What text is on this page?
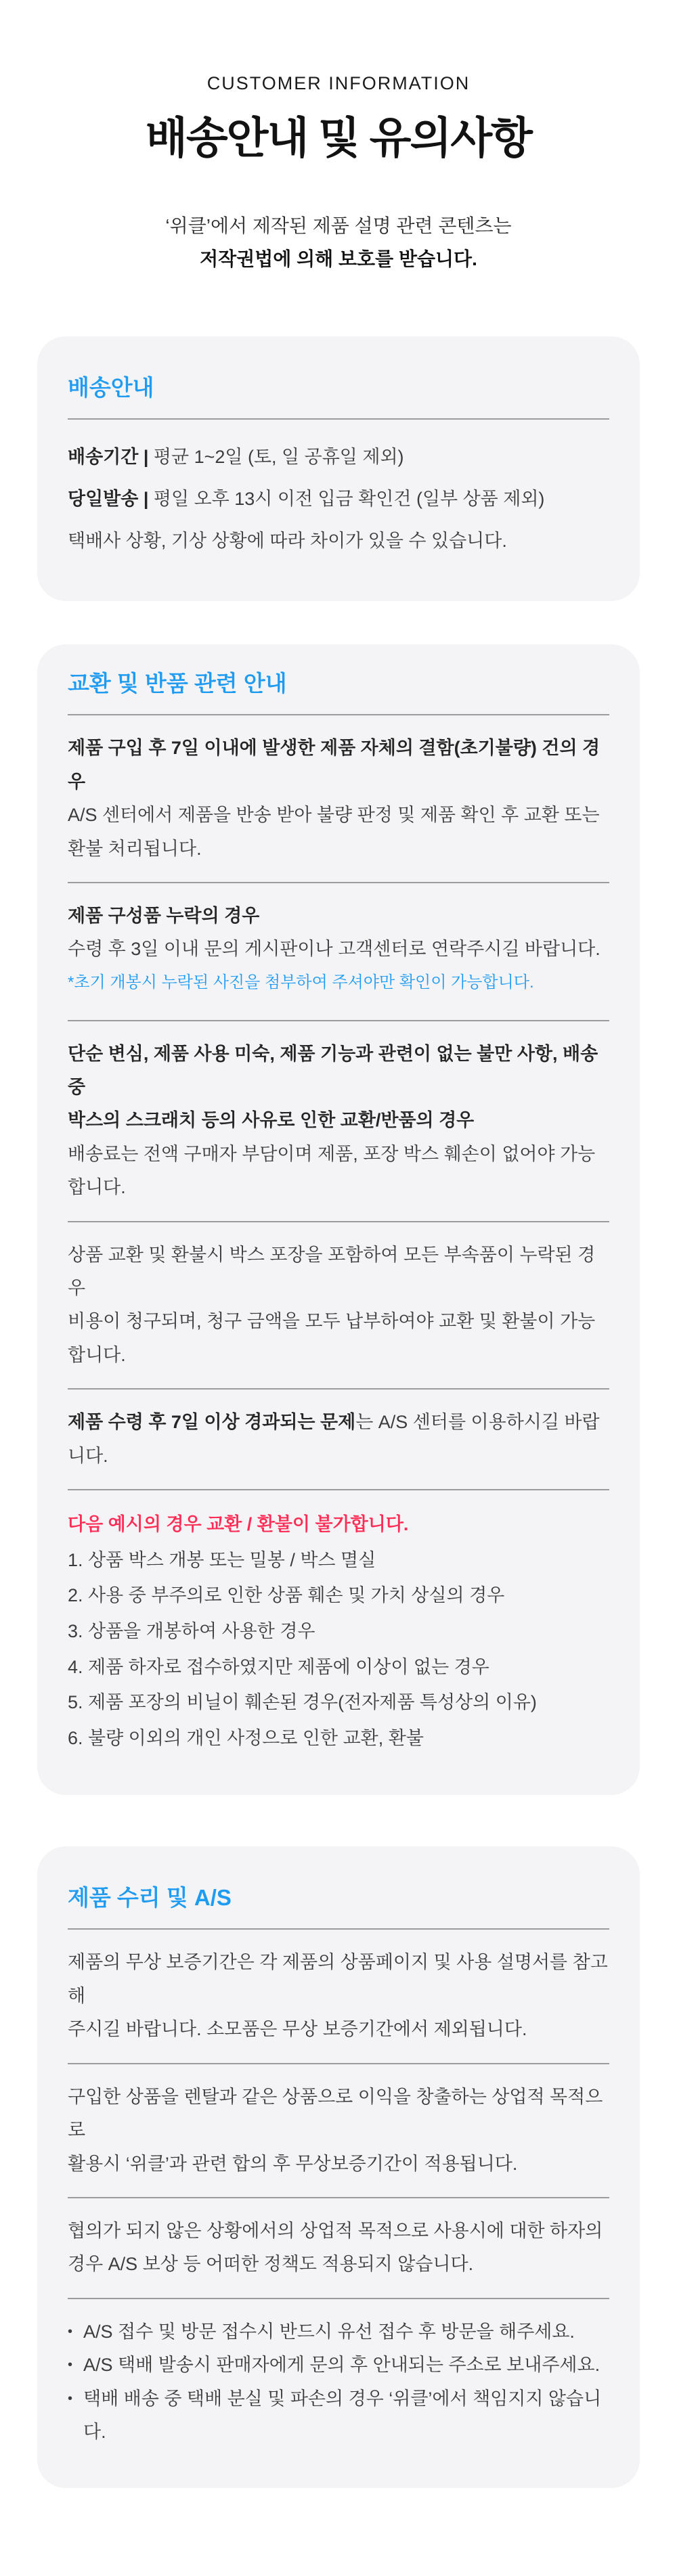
CUSTOMER INFORMATION
배송안내 및 유의사항
‘위클’에서 제작된 제품 설명 관련 콘텐츠는
저작권법에 의해 보호를 받습니다.
배송안내
배송기간 | 평균 1~2일 (토, 일 공휴일 제외)
당일발송 | 평일 오후 13시 이전 입금 확인건 (일부 상품 제외)
택배사 상황, 기상 상황에 따라 차이가 있을 수 있습니다.
교환 및 반품 관련 안내
제품 구입 후 7일 이내에 발생한 제품 자체의 결함(초기불량) 건의 경우
A/S 센터에서 제품을 반송 받아 불량 판정 및 제품 확인 후 교환 또는
환불 처리됩니다.
제품 구성품 누락의 경우
수령 후 3일 이내 문의 게시판이나 고객센터로 연락주시길 바랍니다.
*초기 개봉시 누락된 사진을 첨부하여 주셔야만 확인이 가능합니다.
단순 변심, 제품 사용 미숙, 제품 기능과 관련이 없는 불만 사항, 배송 중
박스의 스크래치 등의 사유로 인한 교환/반품의 경우
배송료는 전액 구매자 부담이며 제품, 포장 박스 훼손이 없어야 가능합니다.
상품 교환 및 환불시 박스 포장을 포함하여 모든 부속품이 누락된 경우
비용이 청구되며, 청구 금액을 모두 납부하여야 교환 및 환불이 가능
합니다.
제품 수령 후 7일 이상 경과되는 문제는 A/S 센터를 이용하시길 바랍니다.
다음 예시의 경우 교환 / 환불이 불가합니다.
1. 상품 박스 개봉 또는 밀봉 / 박스 멸실
2. 사용 중 부주의로 인한 상품 훼손 및 가치 상실의 경우
3. 상품을 개봉하여 사용한 경우
4. 제품 하자로 접수하였지만 제품에 이상이 없는 경우
5. 제품 포장의 비닐이 훼손된 경우(전자제품 특성상의 이유)
6. 불량 이외의 개인 사정으로 인한 교환, 환불
제품 수리 및 A/S
제품의 무상 보증기간은 각 제품의 상품페이지 및 사용 설명서를 참고해
주시길 바랍니다. 소모품은 무상 보증기간에서 제외됩니다.
구입한 상품을 렌탈과 같은 상품으로 이익을 창출하는 상업적 목적으로
활용시 ‘위클’과 관련 합의 후 무상보증기간이 적용됩니다.
협의가 되지 않은 상황에서의 상업적 목적으로 사용시에 대한 하자의
경우 A/S 보상 등 어떠한 정책도 적용되지 않습니다.
• A/S 접수 및 방문 접수시 반드시 유선 접수 후 방문을 해주세요.
• A/S 택배 발송시 판매자에게 문의 후 안내되는 주소로 보내주세요.
• 택배 배송 중 택배 분실 및 파손의 경우 ‘위클’에서 책임지지 않습니다.
